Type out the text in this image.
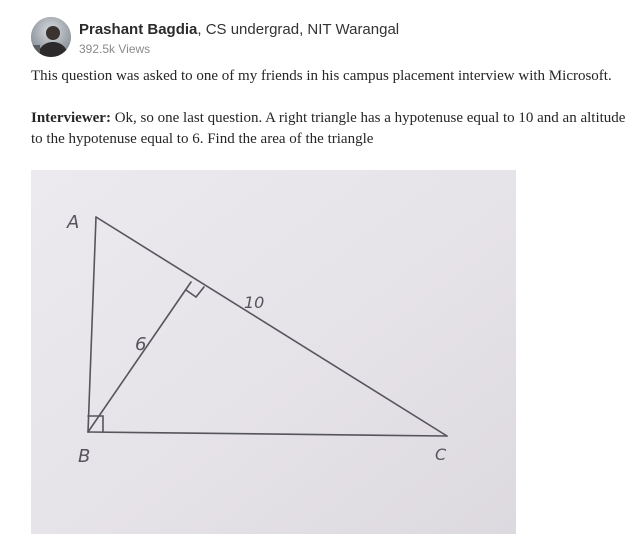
Prashant Bagdia, CS undergrad, NIT Warangal
392.5k Views

This question was asked to one of my friends in his campus placement interview with Microsoft.

Interviewer: Ok, so one last question. A right triangle has a hypotenuse equal to 10 and an altitude to the hypotenuse equal to 6. Find the area of the triangle

A
B	C
10
6
